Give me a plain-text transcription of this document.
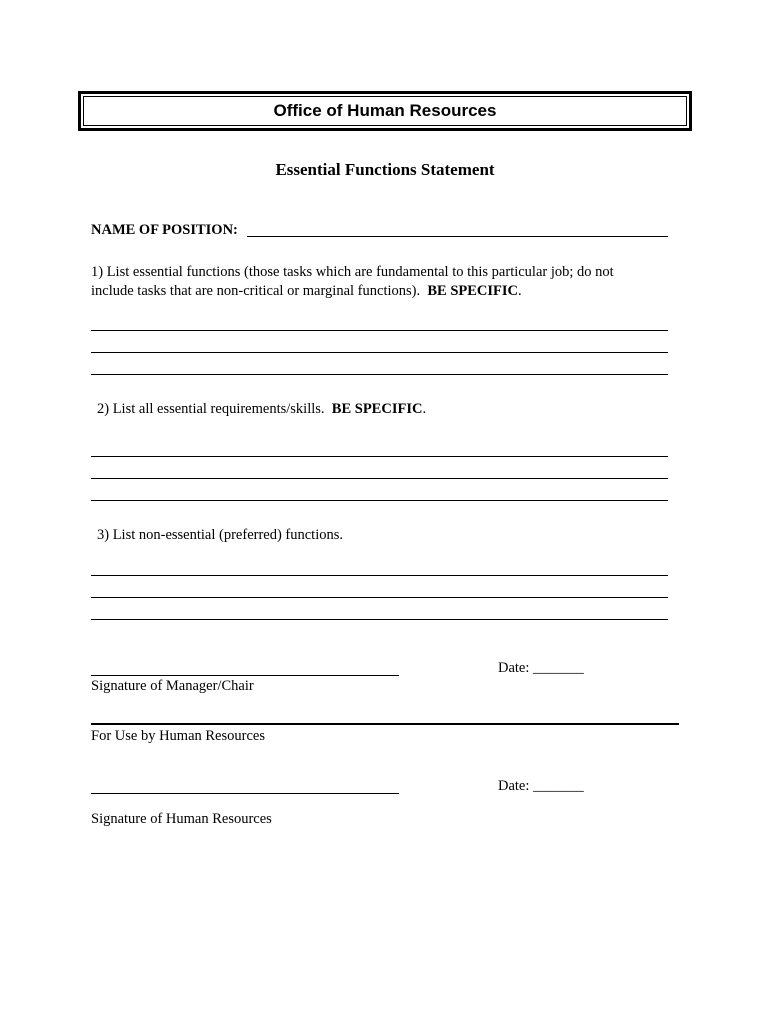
Office of Human Resources
Essential Functions Statement
NAME OF POSITION:
1) List essential functions (those tasks which are fundamental to this particular job; do not
include tasks that are non-critical or marginal functions). BE SPECIFIC.
2) List all essential requirements/skills. BE SPECIFIC.
3) List non-essential (preferred) functions.
Date: _______
Signature of Manager/Chair
For Use by Human Resources
Date: _______
Signature of Human Resources
